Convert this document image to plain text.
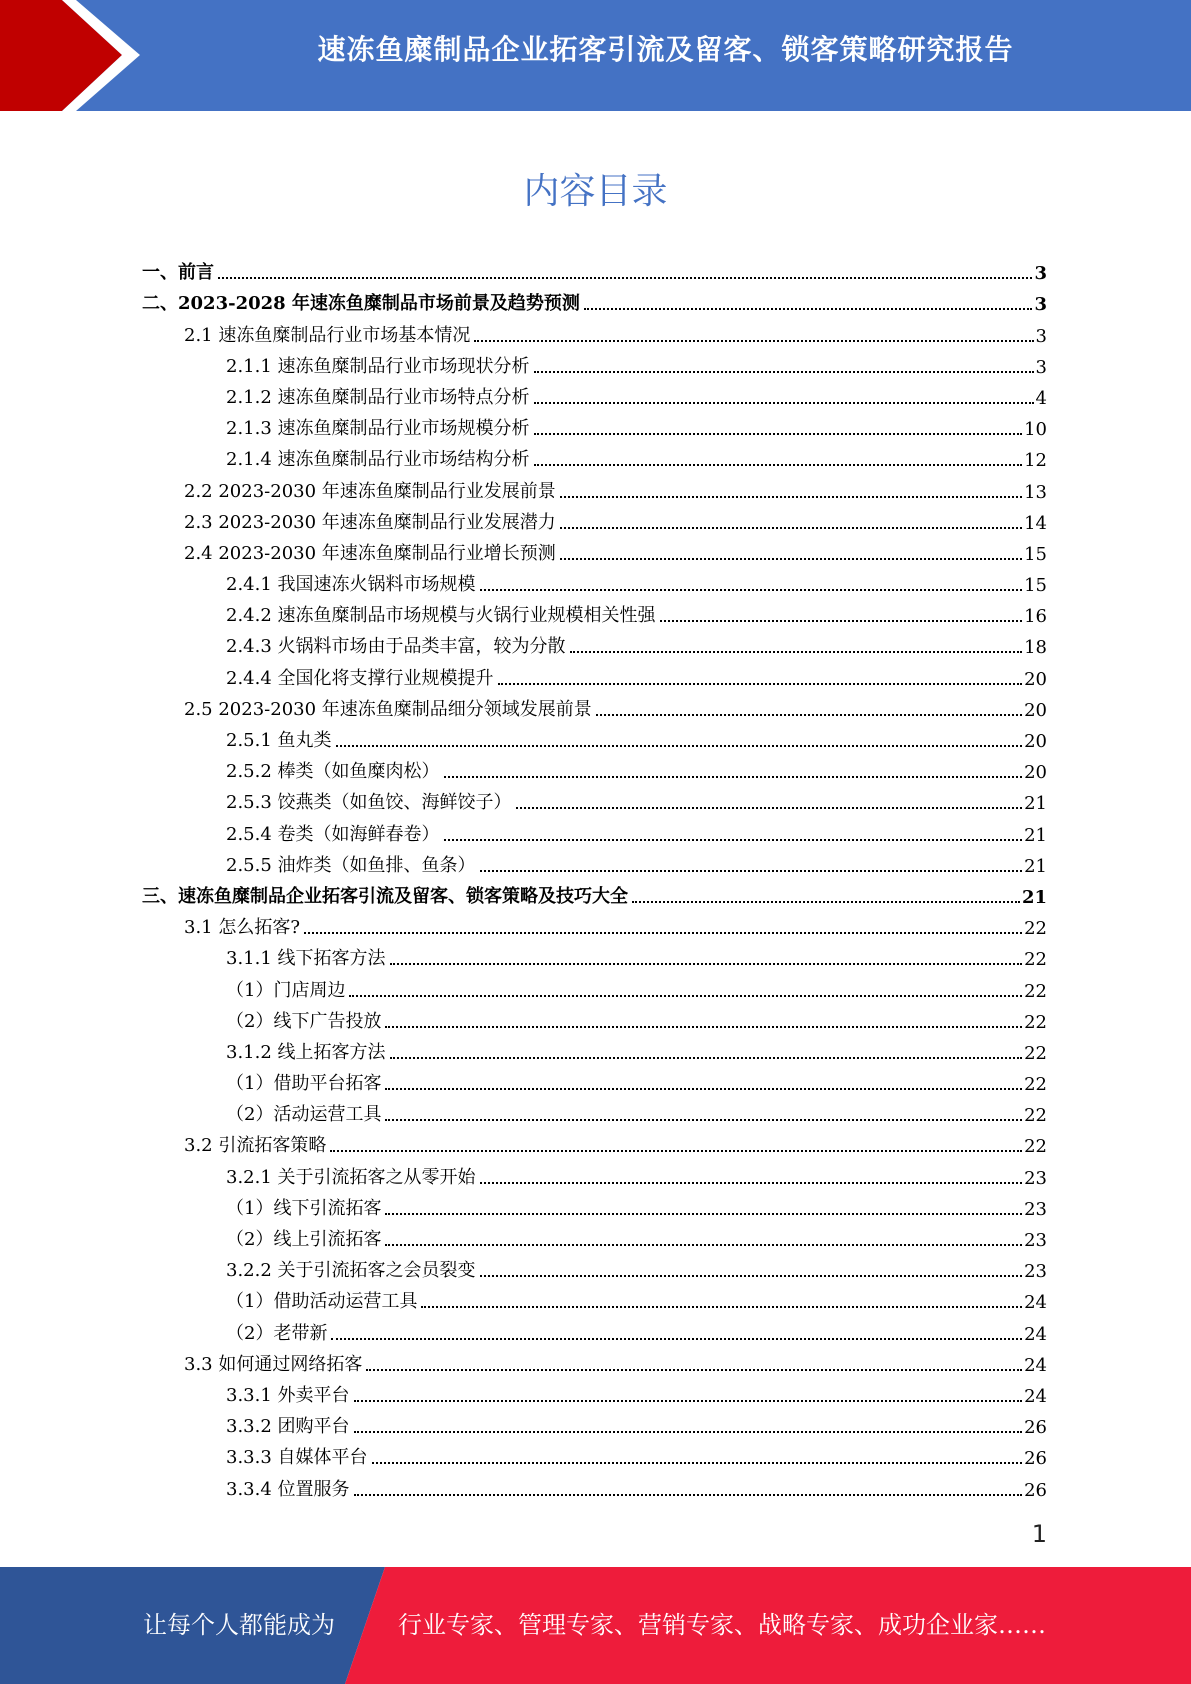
速冻鱼糜制品企业拓客引流及留客、锁客策略研究报告
内容目录
一、前言	3
二、2023-2028 年速冻鱼糜制品市场前景及趋势预测	3
2.1 速冻鱼糜制品行业市场基本情况	3
2.1.1 速冻鱼糜制品行业市场现状分析	3
2.1.2 速冻鱼糜制品行业市场特点分析	4
2.1.3 速冻鱼糜制品行业市场规模分析	10
2.1.4 速冻鱼糜制品行业市场结构分析	12
2.2 2023-2030 年速冻鱼糜制品行业发展前景	13
2.3 2023-2030 年速冻鱼糜制品行业发展潜力	14
2.4 2023-2030 年速冻鱼糜制品行业增长预测	15
2.4.1 我国速冻火锅料市场规模	15
2.4.2 速冻鱼糜制品市场规模与火锅行业规模相关性强	16
2.4.3 火锅料市场由于品类丰富，较为分散	18
2.4.4 全国化将支撑行业规模提升	20
2.5 2023-2030 年速冻鱼糜制品细分领域发展前景	20
2.5.1 鱼丸类	20
2.5.2 棒类（如鱼糜肉松）	20
2.5.3 饺燕类（如鱼饺、海鲜饺子）	21
2.5.4 卷类（如海鲜春卷）	21
2.5.5 油炸类（如鱼排、鱼条）	21
三、速冻鱼糜制品企业拓客引流及留客、锁客策略及技巧大全	21
3.1 怎么拓客?	22
3.1.1 线下拓客方法	22
（1）门店周边	22
（2）线下广告投放	22
3.1.2 线上拓客方法	22
（1）借助平台拓客	22
（2）活动运营工具	22
3.2 引流拓客策略	22
3.2.1 关于引流拓客之从零开始	23
（1）线下引流拓客	23
（2）线上引流拓客	23
3.2.2 关于引流拓客之会员裂变	23
（1）借助活动运营工具	24
（2）老带新	24
3.3 如何通过网络拓客	24
3.3.1 外卖平台	24
3.3.2 团购平台	26
3.3.3 自媒体平台	26
3.3.4 位置服务	26
1
让每个人都能成为	行业专家、管理专家、营销专家、战略专家、成功企业家……
